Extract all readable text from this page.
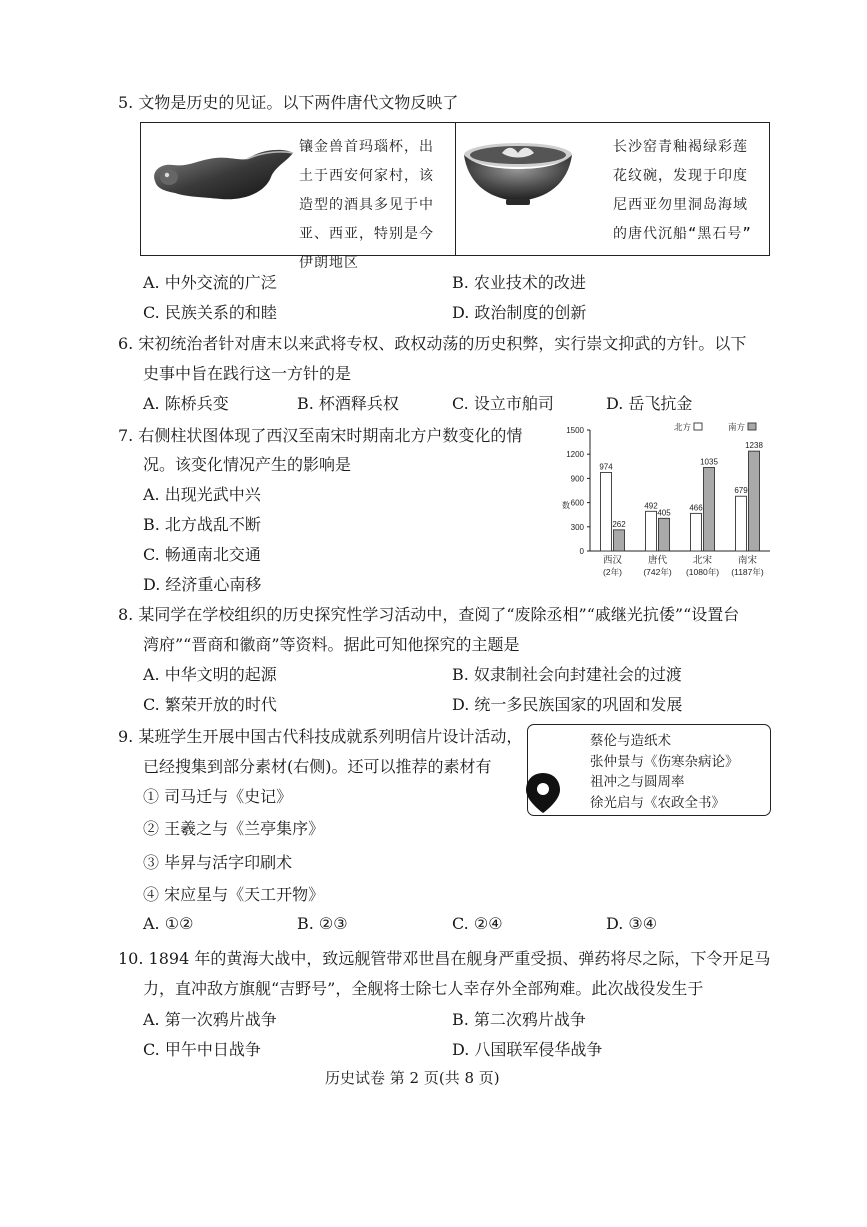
5. 文物是历史的见证。以下两件唐代文物反映了
镶金兽首玛瑙杯，出土于西安何家村，该造型的酒具多见于中亚、西亚，特别是今伊朗地区
长沙窑青釉褐绿彩莲花纹碗，发现于印度尼西亚勿里洞岛海域的唐代沉船“黑石号”
A. 中外交流的广泛	B. 农业技术的改进
C. 民族关系的和睦	D. 政治制度的创新
6. 宋初统治者针对唐末以来武将专权、政权动荡的历史积弊，实行崇文抑武的方针。以下
史事中旨在践行这一方针的是
A. 陈桥兵变	B. 杯酒释兵权	C. 设立市舶司	D. 岳飞抗金
7. 右侧柱状图体现了西汉至南宋时期南北方户数变化的情
况。该变化情况产生的影响是
A. 出现光武中兴
B. 北方战乱不断
C. 畅通南北交通
D. 经济重心南移
0
300
600
900
1200
1500
数
974
262
西汉
(2年)
492
405
唐代
(742年)
466
1035
北宋
(1080年)
679
1238
南宋
(1187年)
北方	南方
8. 某同学在学校组织的历史探究性学习活动中，查阅了“废除丞相”“戚继光抗倭”“设置台
湾府”“晋商和徽商”等资料。据此可知他探究的主题是
A. 中华文明的起源	B. 奴隶制社会向封建社会的过渡
C. 繁荣开放的时代	D. 统一多民族国家的巩固和发展
9. 某班学生开展中国古代科技成就系列明信片设计活动，
已经搜集到部分素材(右侧)。还可以推荐的素材有
① 司马迁与《史记》
② 王羲之与《兰亭集序》
③ 毕昇与活字印刷术
④ 宋应星与《天工开物》
蔡伦与造纸术
张仲景与《伤寒杂病论》
祖冲之与圆周率
徐光启与《农政全书》
A. ①②	B. ②③	C. ②④	D. ③④
10. 1894 年的黄海大战中，致远舰管带邓世昌在舰身严重受损、弹药将尽之际，下令开足马
力，直冲敌方旗舰“吉野号”，全舰将士除七人幸存外全部殉难。此次战役发生于
A. 第一次鸦片战争	B. 第二次鸦片战争
C. 甲午中日战争	D. 八国联军侵华战争
历史试卷 第 2 页(共 8 页)
